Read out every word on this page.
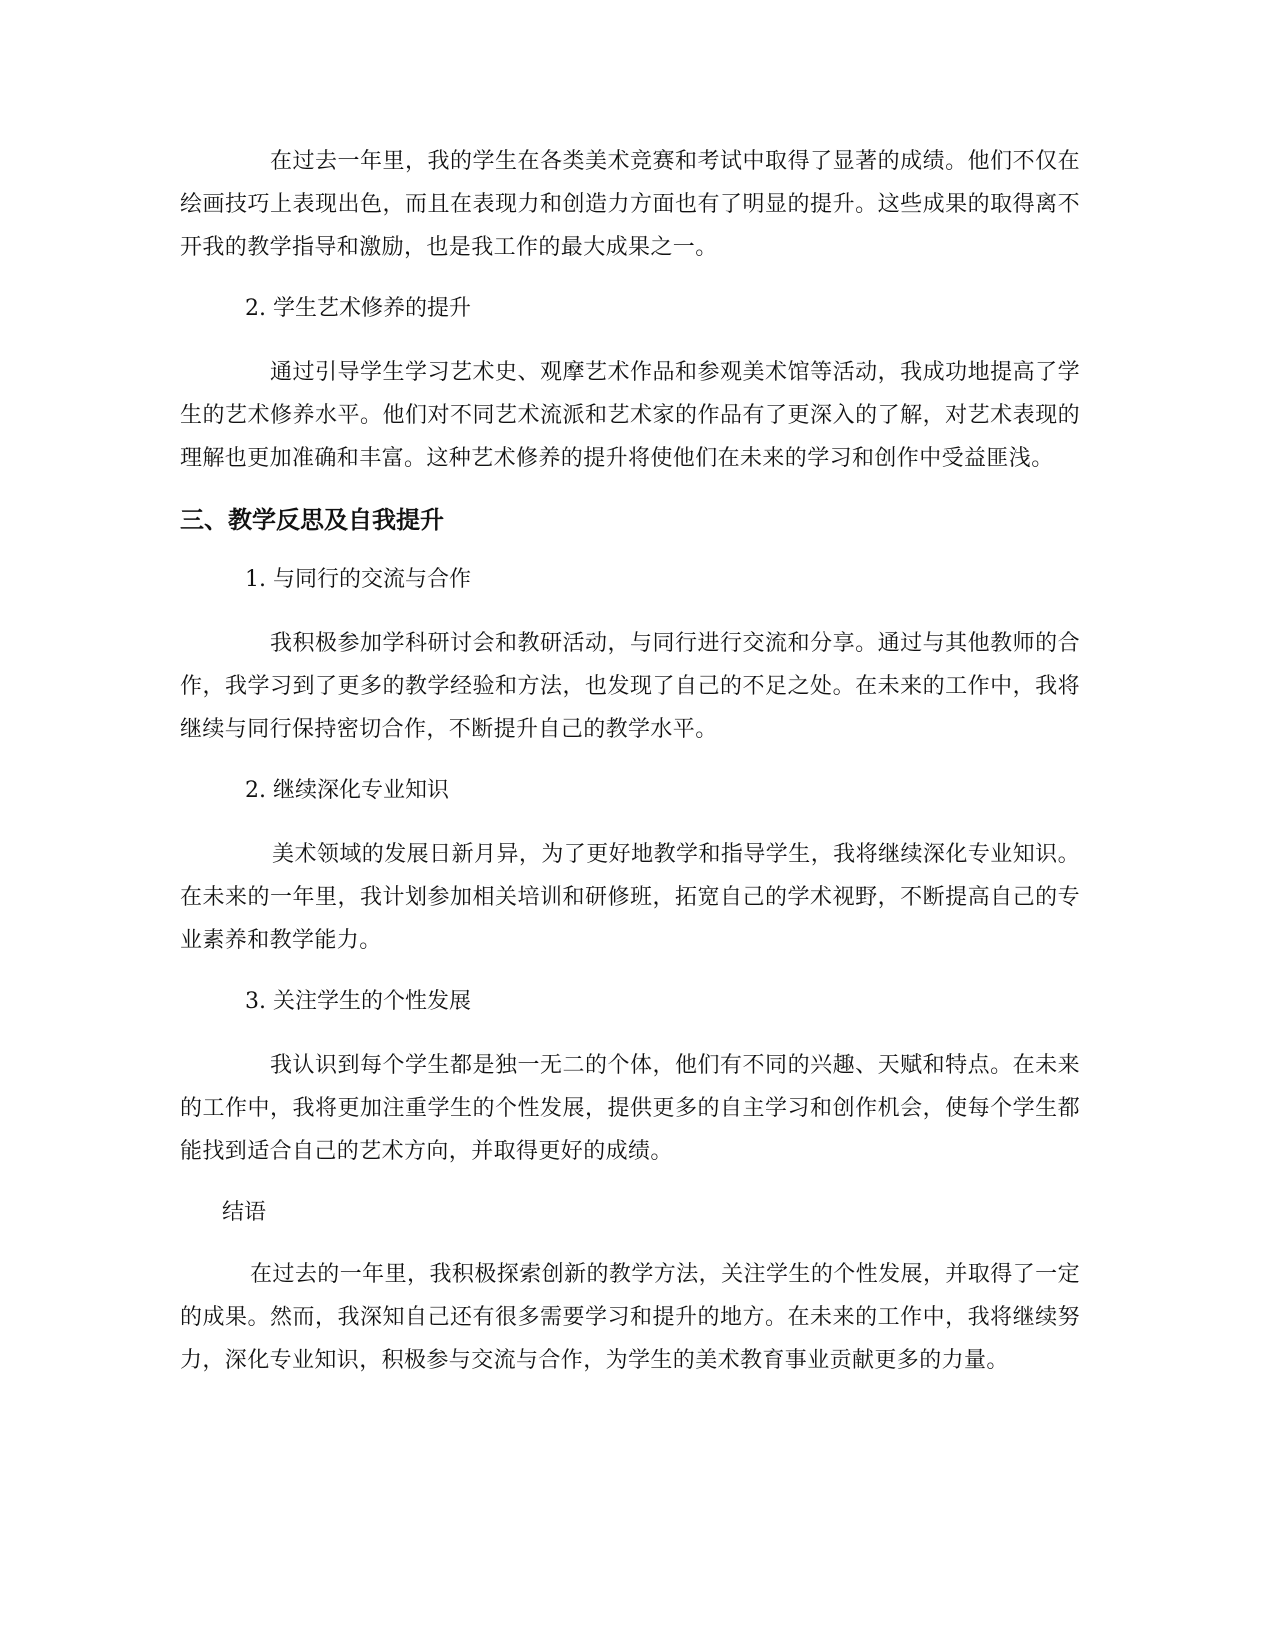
在过去一年里，我的学生在各类美术竞赛和考试中取得了显著的成绩。他们不仅在绘画技巧上表现出色，而且在表现力和创造力方面也有了明显的提升。这些成果的取得离不开我的教学指导和激励，也是我工作的最大成果之一。

2. 学生艺术修养的提升

通过引导学生学习艺术史、观摩艺术作品和参观美术馆等活动，我成功地提高了学生的艺术修养水平。他们对不同艺术流派和艺术家的作品有了更深入的了解，对艺术表现的理解也更加准确和丰富。这种艺术修养的提升将使他们在未来的学习和创作中受益匪浅。

三、教学反思及自我提升
1. 与同行的交流与合作

我积极参加学科研讨会和教研活动，与同行进行交流和分享。通过与其他教师的合作，我学习到了更多的教学经验和方法，也发现了自己的不足之处。在未来的工作中，我将继续与同行保持密切合作，不断提升自己的教学水平。

2. 继续深化专业知识

美术领域的发展日新月异，为了更好地教学和指导学生，我将继续深化专业知识。在未来的一年里，我计划参加相关培训和研修班，拓宽自己的学术视野，不断提高自己的专业素养和教学能力。

3. 关注学生的个性发展

我认识到每个学生都是独一无二的个体，他们有不同的兴趣、天赋和特点。在未来的工作中，我将更加注重学生的个性发展，提供更多的自主学习和创作机会，使每个学生都能找到适合自己的艺术方向，并取得更好的成绩。

结语

在过去的一年里，我积极探索创新的教学方法，关注学生的个性发展，并取得了一定的成果。然而，我深知自己还有很多需要学习和提升的地方。在未来的工作中，我将继续努力，深化专业知识，积极参与交流与合作，为学生的美术教育事业贡献更多的力量。
